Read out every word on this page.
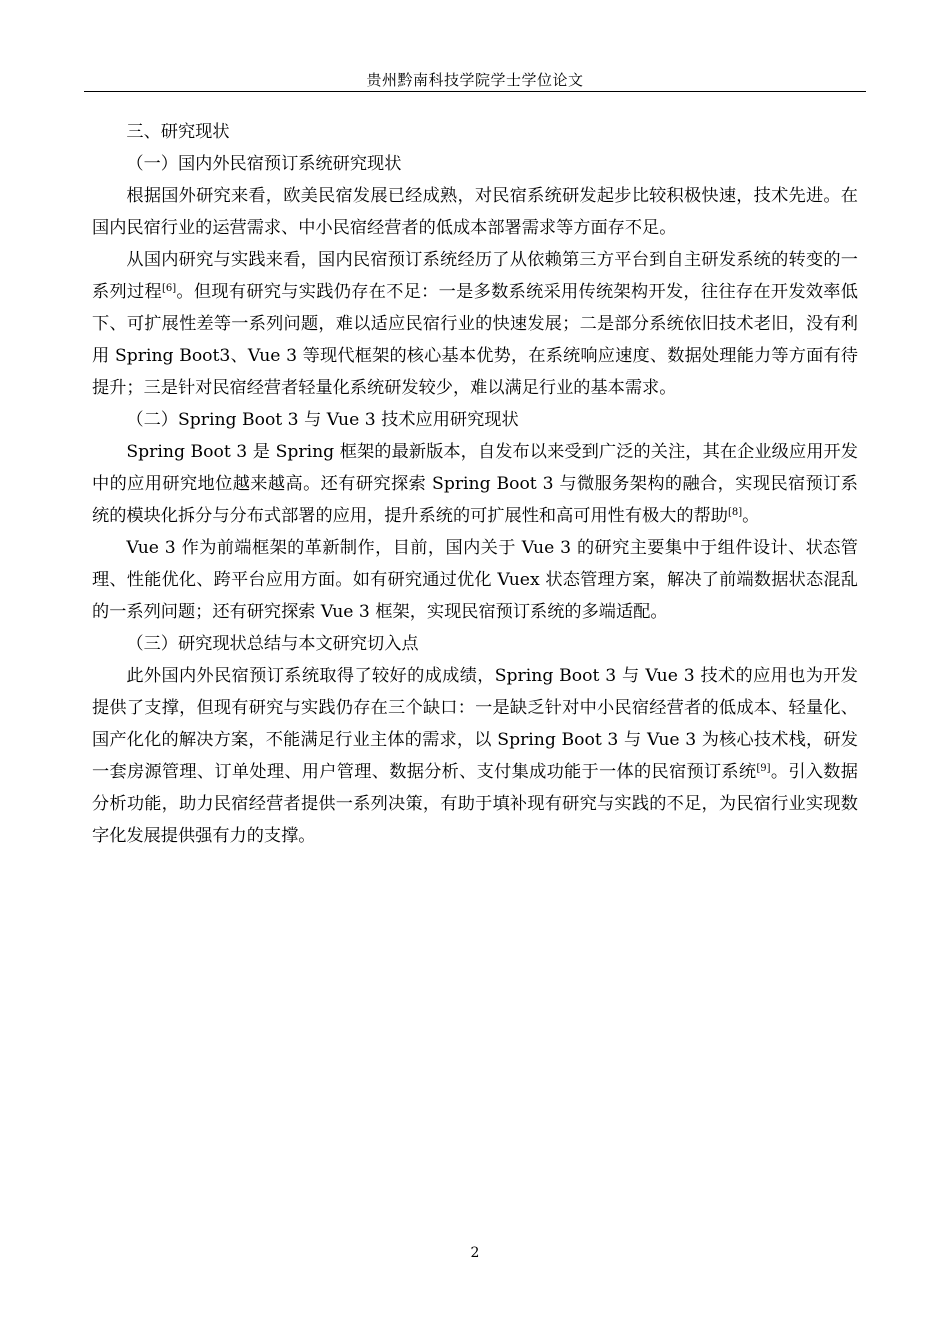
贵州黔南科技学院学士学位论文

三、研究现状

（一）国内外民宿预订系统研究现状

根据国外研究来看，欧美民宿发展已经成熟，对民宿系统研发起步比较积极快速，技术先进。在国内民宿行业的运营需求、中小民宿经营者的低成本部署需求等方面存不足。

从国内研究与实践来看，国内民宿预订系统经历了从依赖第三方平台到自主研发系统的转变的一系列过程[6]。但现有研究与实践仍存在不足：一是多数系统采用传统架构开发，往往存在开发效率低下、可扩展性差等一系列问题，难以适应民宿行业的快速发展；二是部分系统依旧技术老旧，没有利用 Spring Boot3、Vue 3 等现代框架的核心基本优势，在系统响应速度、数据处理能力等方面有待提升；三是针对民宿经营者轻量化系统研发较少，难以满足行业的基本需求。

（二）Spring Boot 3 与 Vue 3 技术应用研究现状

Spring Boot 3 是 Spring 框架的最新版本，自发布以来受到广泛的关注，其在企业级应用开发中的应用研究地位越来越高。还有研究探索 Spring Boot 3 与微服务架构的融合，实现民宿预订系统的模块化拆分与分布式部署的应用，提升系统的可扩展性和高可用性有极大的帮助[8]。

Vue 3 作为前端框架的革新制作，目前，国内关于 Vue 3 的研究主要集中于组件设计、状态管理、性能优化、跨平台应用方面。如有研究通过优化 Vuex 状态管理方案，解决了前端数据状态混乱的一系列问题；还有研究探索 Vue 3 框架，实现民宿预订系统的多端适配。

（三）研究现状总结与本文研究切入点

此外国内外民宿预订系统取得了较好的成成绩，Spring Boot 3 与 Vue 3 技术的应用也为开发提供了支撑，但现有研究与实践仍存在三个缺口：一是缺乏针对中小民宿经营者的低成本、轻量化、国产化化的解决方案，不能满足行业主体的需求，以 Spring Boot 3 与 Vue 3 为核心技术栈，研发一套房源管理、订单处理、用户管理、数据分析、支付集成功能于一体的民宿预订系统[9]。引入数据分析功能，助力民宿经营者提供一系列决策，有助于填补现有研究与实践的不足，为民宿行业实现数字化发展提供强有力的支撑。

2
